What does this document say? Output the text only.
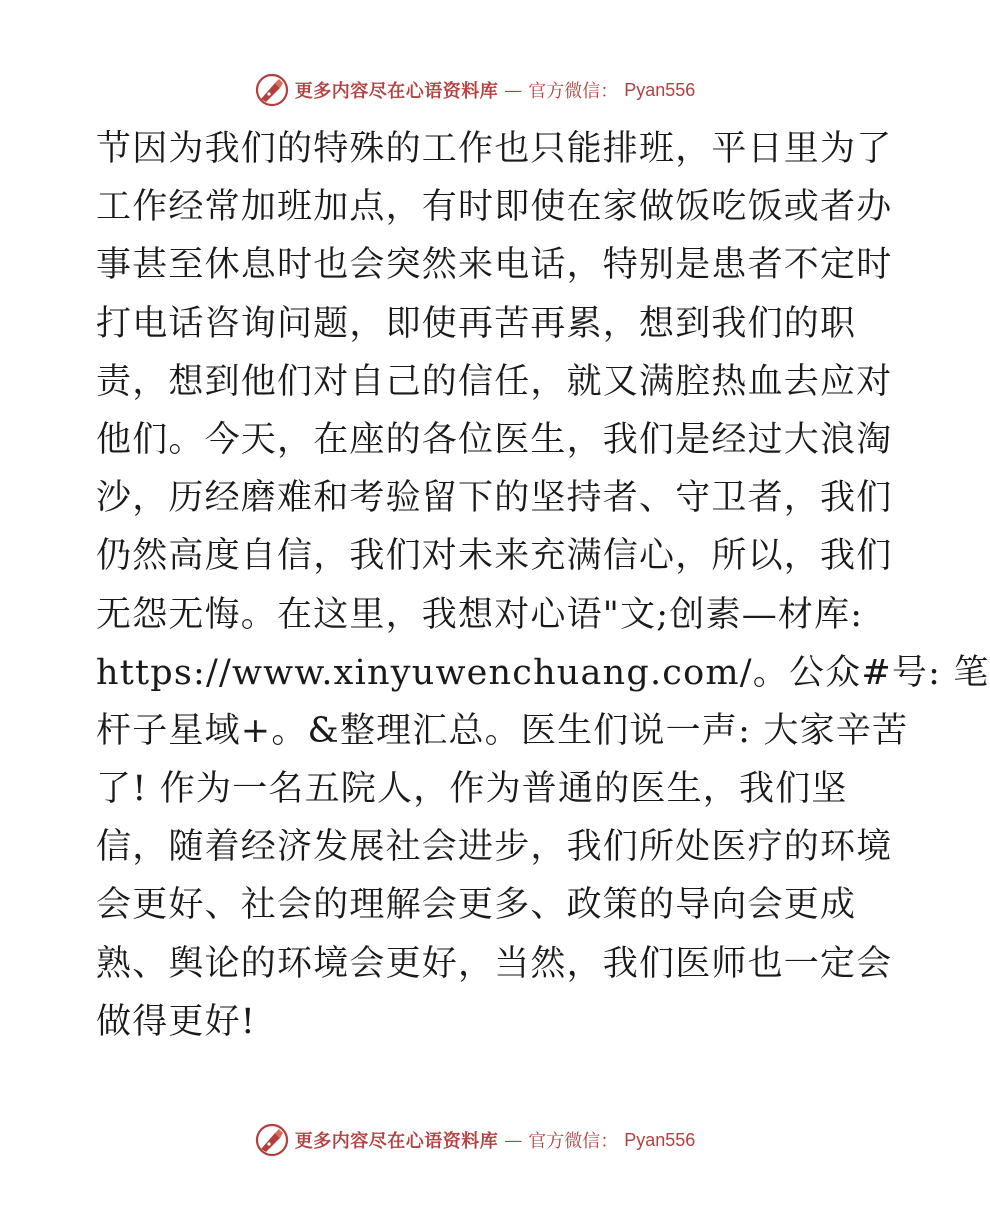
更多内容尽在心语资料库 — 官方微信： Pyan556
节因为我们的特殊的工作也只能排班，平日里为了
工作经常加班加点，有时即使在家做饭吃饭或者办
事甚至休息时也会突然来电话，特别是患者不定时
打电话咨询问题，即使再苦再累，想到我们的职
责，想到他们对自己的信任，就又满腔热血去应对
他们。今天，在座的各位医生，我们是经过大浪淘
沙，历经磨难和考验留下的坚持者、守卫者，我们
仍然高度自信，我们对未来充满信心，所以，我们
无怨无悔。在这里，我想对心语"文;创素—材库:
https://www.xinyuwenchuang.com/。公众#号: 笔
杆子星域+。&整理汇总。医生们说一声: 大家辛苦
了! 作为一名五院人，作为普通的医生，我们坚
信，随着经济发展社会进步，我们所处医疗的环境
会更好、社会的理解会更多、政策的导向会更成
熟、舆论的环境会更好，当然，我们医师也一定会
做得更好!
更多内容尽在心语资料库 — 官方微信： Pyan556
